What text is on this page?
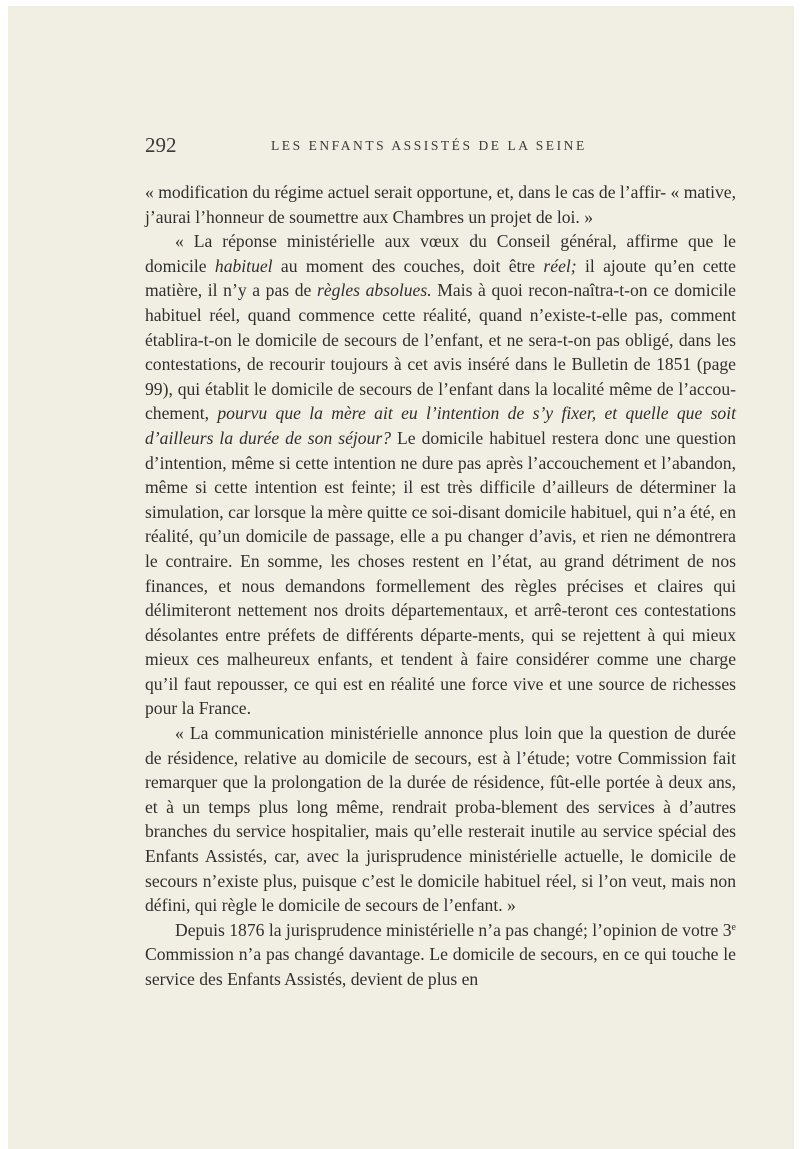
292	LES ENFANTS ASSISTÉS DE LA SEINE

« modification du régime actuel serait opportune, et, dans le cas de l’affir- « mative, j’aurai l’honneur de soumettre aux Chambres un projet de loi. »

« La réponse ministérielle aux vœux du Conseil général, affirme que le domicile habituel au moment des couches, doit être réel; il ajoute qu’en cette matière, il n’y a pas de règles absolues. Mais à quoi recon-naîtra-t-on ce domicile habituel réel, quand commence cette réalité, quand n’existe-t-elle pas, comment établira-t-on le domicile de secours de l’enfant, et ne sera-t-on pas obligé, dans les contestations, de recourir toujours à cet avis inséré dans le Bulletin de 1851 (page 99), qui établit le domicile de secours de l’enfant dans la localité même de l’accou-chement, pourvu que la mère ait eu l’intention de s’y fixer, et quelle que soit d’ailleurs la durée de son séjour? Le domicile habituel restera donc une question d’intention, même si cette intention ne dure pas après l’accouchement et l’abandon, même si cette intention est feinte; il est très difficile d’ailleurs de déterminer la simulation, car lorsque la mère quitte ce soi-disant domicile habituel, qui n’a été, en réalité, qu’un domicile de passage, elle a pu changer d’avis, et rien ne démontrera le contraire. En somme, les choses restent en l’état, au grand détriment de nos finances, et nous demandons formellement des règles précises et claires qui délimiteront nettement nos droits départementaux, et arrê-teront ces contestations désolantes entre préfets de différents départe-ments, qui se rejettent à qui mieux mieux ces malheureux enfants, et tendent à faire considérer comme une charge qu’il faut repousser, ce qui est en réalité une force vive et une source de richesses pour la France.

« La communication ministérielle annonce plus loin que la question de durée de résidence, relative au domicile de secours, est à l’étude; votre Commission fait remarquer que la prolongation de la durée de résidence, fût-elle portée à deux ans, et à un temps plus long même, rendrait proba-blement des services à d’autres branches du service hospitalier, mais qu’elle resterait inutile au service spécial des Enfants Assistés, car, avec la jurisprudence ministérielle actuelle, le domicile de secours n’existe plus, puisque c’est le domicile habituel réel, si l’on veut, mais non défini, qui règle le domicile de secours de l’enfant. »

Depuis 1876 la jurisprudence ministérielle n’a pas changé; l’opinion de votre 3e Commission n’a pas changé davantage. Le domicile de secours, en ce qui touche le service des Enfants Assistés, devient de plus en
